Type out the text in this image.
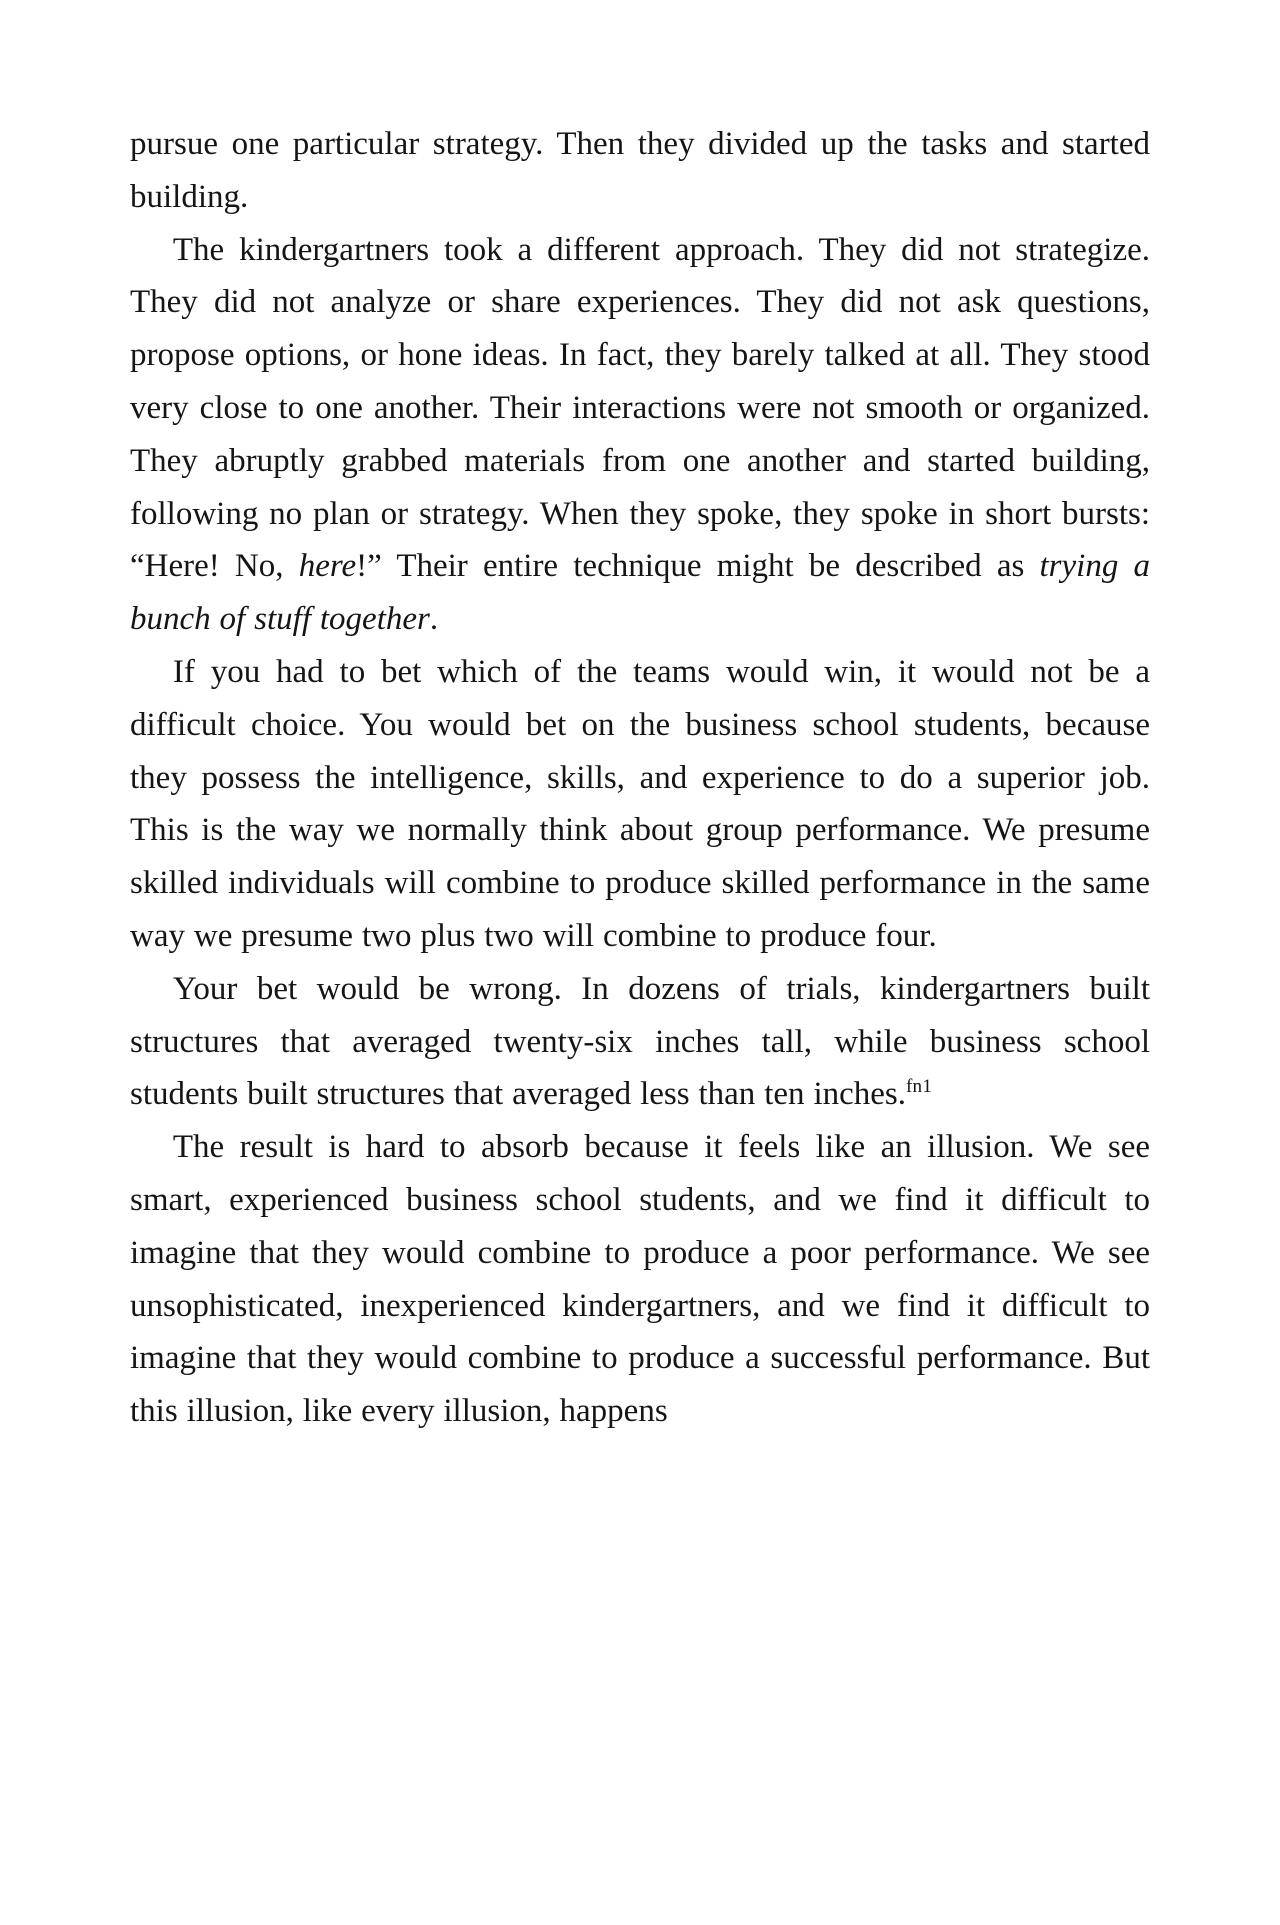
pursue one particular strategy. Then they divided up the tasks and started building.

The kindergartners took a different approach. They did not strategize. They did not analyze or share experiences. They did not ask questions, propose options, or hone ideas. In fact, they barely talked at all. They stood very close to one another. Their interactions were not smooth or organized. They abruptly grabbed materials from one another and started building, following no plan or strategy. When they spoke, they spoke in short bursts: “Here! No, here!” Their entire technique might be described as trying a bunch of stuff together.

If you had to bet which of the teams would win, it would not be a difficult choice. You would bet on the business school students, because they possess the intelligence, skills, and experience to do a superior job. This is the way we normally think about group performance. We presume skilled individuals will combine to produce skilled performance in the same way we presume two plus two will combine to produce four.

Your bet would be wrong. In dozens of trials, kindergartners built structures that averaged twenty-six inches tall, while business school students built structures that averaged less than ten inches.$^{fn1}$

The result is hard to absorb because it feels like an illusion. We see smart, experienced business school students, and we find it difficult to imagine that they would combine to produce a poor performance. We see unsophisticated, inexperienced kindergartners, and we find it difficult to imagine that they would combine to produce a successful performance. But this illusion, like every illusion, happens
